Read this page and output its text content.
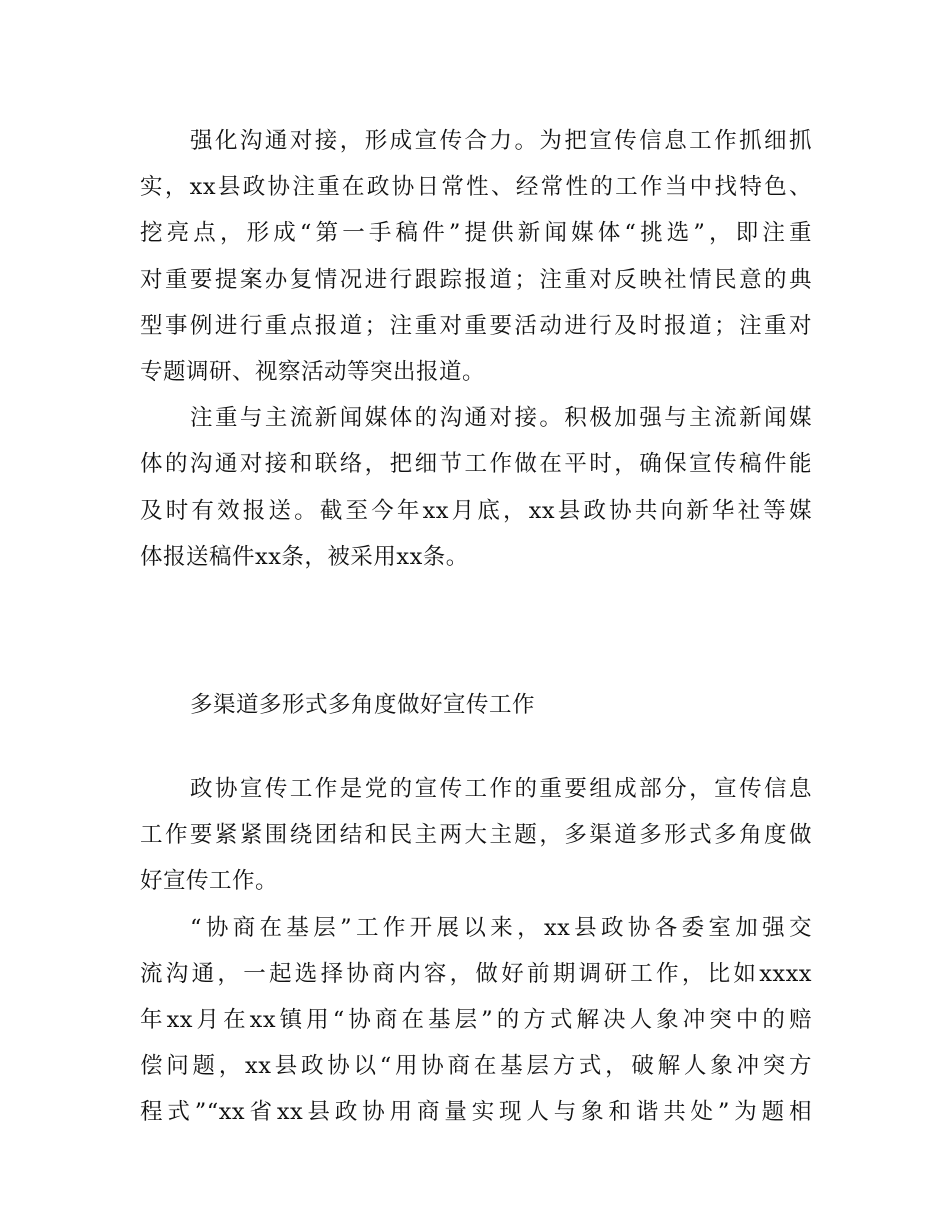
强化沟通对接，形成宣传合力。为把宣传信息工作抓细抓
实，xx县政协注重在政协日常性、经常性的工作当中找特色、
挖亮点，形成“第一手稿件”提供新闻媒体“挑选”，即注重
对重要提案办复情况进行跟踪报道；注重对反映社情民意的典
型事例进行重点报道；注重对重要活动进行及时报道；注重对
专题调研、视察活动等突出报道。
注重与主流新闻媒体的沟通对接。积极加强与主流新闻媒
体的沟通对接和联络，把细节工作做在平时，确保宣传稿件能
及时有效报送。截至今年xx月底，xx县政协共向新华社等媒
体报送稿件xx条，被采用xx条。
多渠道多形式多角度做好宣传工作
政协宣传工作是党的宣传工作的重要组成部分，宣传信息
工作要紧紧围绕团结和民主两大主题，多渠道多形式多角度做
好宣传工作。
“协商在基层”工作开展以来，xx县政协各委室加强交
流沟通，一起选择协商内容，做好前期调研工作，比如xxxx
年xx月在xx镇用“协商在基层”的方式解决人象冲突中的赔
偿问题，xx县政协以“用协商在基层方式，破解人象冲突方
程式”“xx省xx县政协用商量实现人与象和谐共处”为题相
